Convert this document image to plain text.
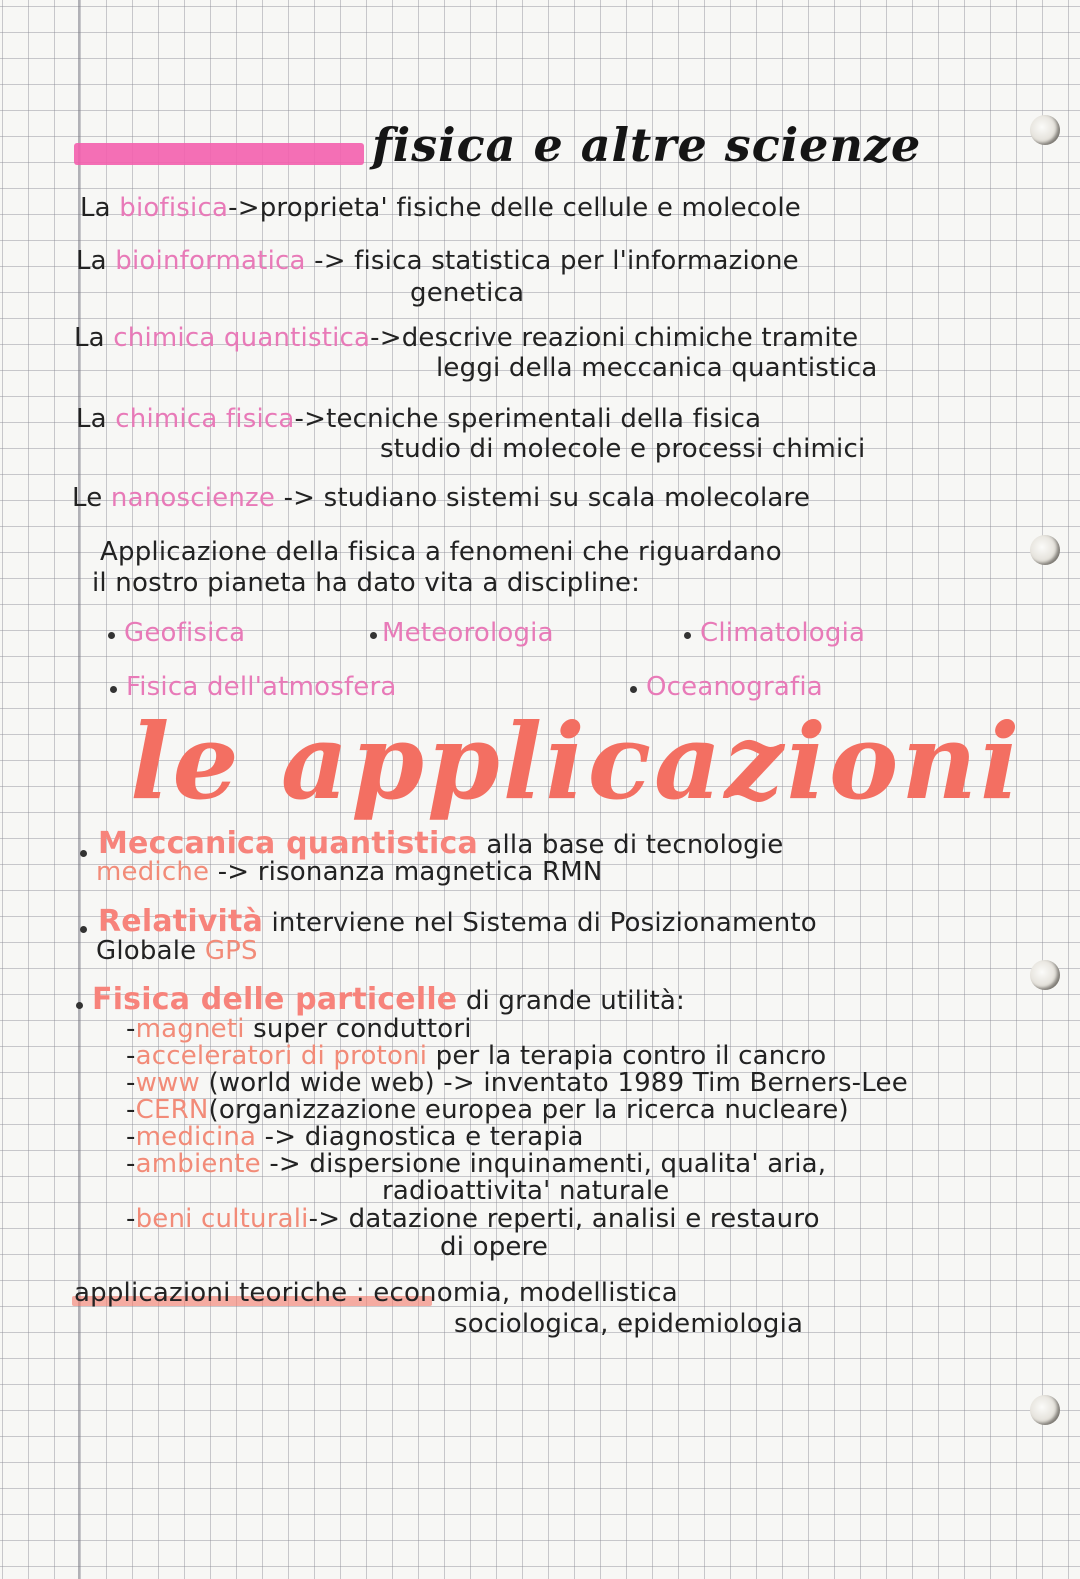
fisica e altre scienze
La biofisica->proprieta' fisiche delle cellule e molecole
La bioinformatica -> fisica statistica per l'informazione
genetica
La chimica quantistica->descrive reazioni chimiche tramite
leggi della meccanica quantistica
La chimica fisica->tecniche sperimentali della fisica
studio di molecole e processi chimici
Le nanoscienze -> studiano sistemi su scala molecolare
Applicazione della fisica a fenomeni che riguardano
il nostro pianeta ha dato vita a discipline:
Geofisica	Meteorologia	Climatologia
Fisica dell'atmosfera	Oceanografia
le applicazioni
Meccanica quantistica alla base di tecnologie
mediche -> risonanza magnetica RMN
Relatività interviene nel Sistema di Posizionamento
Globale GPS
Fisica delle particelle di grande utilità:
-magneti super conduttori
-acceleratori di protoni per la terapia contro il cancro
-www (world wide web) -> inventato 1989 Tim Berners-Lee
-CERN(organizzazione europea per la ricerca nucleare)
-medicina -> diagnostica e terapia
-ambiente -> dispersione inquinamenti, qualita' aria,
radioattivita' naturale
-beni culturali-> datazione reperti, analisi e restauro
di opere
applicazioni teoriche : economia, modellistica
sociologica, epidemiologia
